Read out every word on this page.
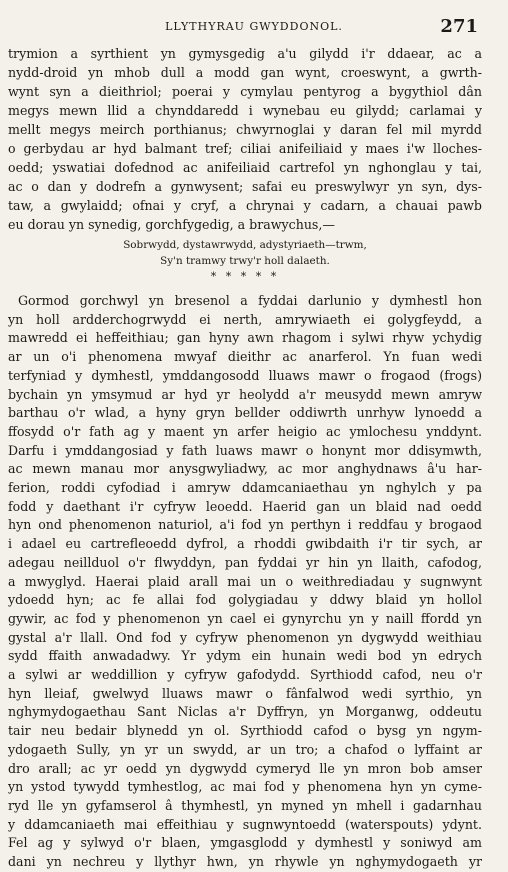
LLYTHYRAU GWYDDONOL.	271
trymion a syrthient yn gymysgedig a'u gilydd i'r ddaear, ac a
nydd-droid yn mhob dull a modd gan wynt, croeswynt, a gwrth-
wynt syn a dieithriol; poerai y cymylau pentyrog a bygythiol dân
megys mewn llid a chynddaredd i wynebau eu gilydd; carlamai y
mellt megys meirch porthianus; chwyrnoglai y daran fel mil myrdd
o gerbydau ar hyd balmant tref; ciliai anifeiliaid y maes i'w lloches-
oedd; yswatiai dofednod ac anifeiliaid cartrefol yn nghonglau y tai,
ac o dan y dodrefn a gynwysent; safai eu preswylwyr yn syn, dys-
taw, a gwylaidd; ofnai y cryf, a chrynai y cadarn, a chauai pawb
eu dorau yn synedig, gorchfygedig, a brawychus,—
Sobrwydd, dystawrwydd, adystyriaeth—trwm,
Sy'n tramwy trwy'r holl dalaeth.
* * * * *
Gormod gorchwyl yn bresenol a fyddai darlunio y dymhestl hon
yn holl ardderchogrwydd ei nerth, amrywiaeth ei golygfeydd, a
mawredd ei heffeithiau; gan hyny awn rhagom i sylwi rhyw ychydig
ar un o'i phenomena mwyaf dieithr ac anarferol. Yn fuan wedi
terfyniad y dymhestl, ymddangosodd lluaws mawr o frogaod (frogs)
bychain yn ymsymud ar hyd yr heolydd a'r meusydd mewn amryw
barthau o'r wlad, a hyny gryn bellder oddiwrth unrhyw lynoedd a
ffosydd o'r fath ag y maent yn arfer heigio ac ymlochesu ynddynt.
Darfu i ymddangosiad y fath luaws mawr o honynt mor ddisymwth,
ac mewn manau mor anysgwyliadwy, ac mor anghydnaws â'u har-
ferion, roddi cyfodiad i amryw ddamcaniaethau yn nghylch y pa
fodd y daethant i'r cyfryw leoedd. Haerid gan un blaid nad oedd
hyn ond phenomenon naturiol, a'i fod yn perthyn i reddfau y brogaod
i adael eu cartrefleoedd dyfrol, a rhoddi gwibdaith i'r tir sych, ar
adegau neillduol o'r flwyddyn, pan fyddai yr hin yn llaith, cafodog,
a mwyglyd. Haerai plaid arall mai un o weithrediadau y sugnwynt
ydoedd hyn; ac fe allai fod golygiadau y ddwy blaid yn hollol
gywir, ac fod y phenomenon yn cael ei gynyrchu yn y naill ffordd yn
gystal a'r llall. Ond fod y cyfryw phenomenon yn dygwydd weithiau
sydd ffaith anwadadwy. Yr ydym ein hunain wedi bod yn edrych
a sylwi ar weddillion y cyfryw gafodydd. Syrthiodd cafod, neu o'r
hyn lleiaf, gwelwyd lluaws mawr o fânfalwod wedi syrthio, yn
nghymydogaethau Sant Niclas a'r Dyffryn, yn Morganwg, oddeutu
tair neu bedair blynedd yn ol. Syrthiodd cafod o bysg yn ngym-
ydogaeth Sully, yn yr un swydd, ar un tro; a chafod o lyffaint ar
dro arall; ac yr oedd yn dygwydd cymeryd lle yn mron bob amser
yn ystod tywydd tymhestlog, ac mai fod y phenomena hyn yn cyme-
ryd lle yn gyfamserol â thymhestl, yn myned yn mhell i gadarnhau
y ddamcaniaeth mai effeithiau y sugnwyntoedd (waterspouts) ydynt.
Fel ag y sylwyd o'r blaen, ymgasglodd y dymhestl y soniwyd am
dani yn nechreu y llythyr hwn, yn rhywle yn nghymydogaeth yr
